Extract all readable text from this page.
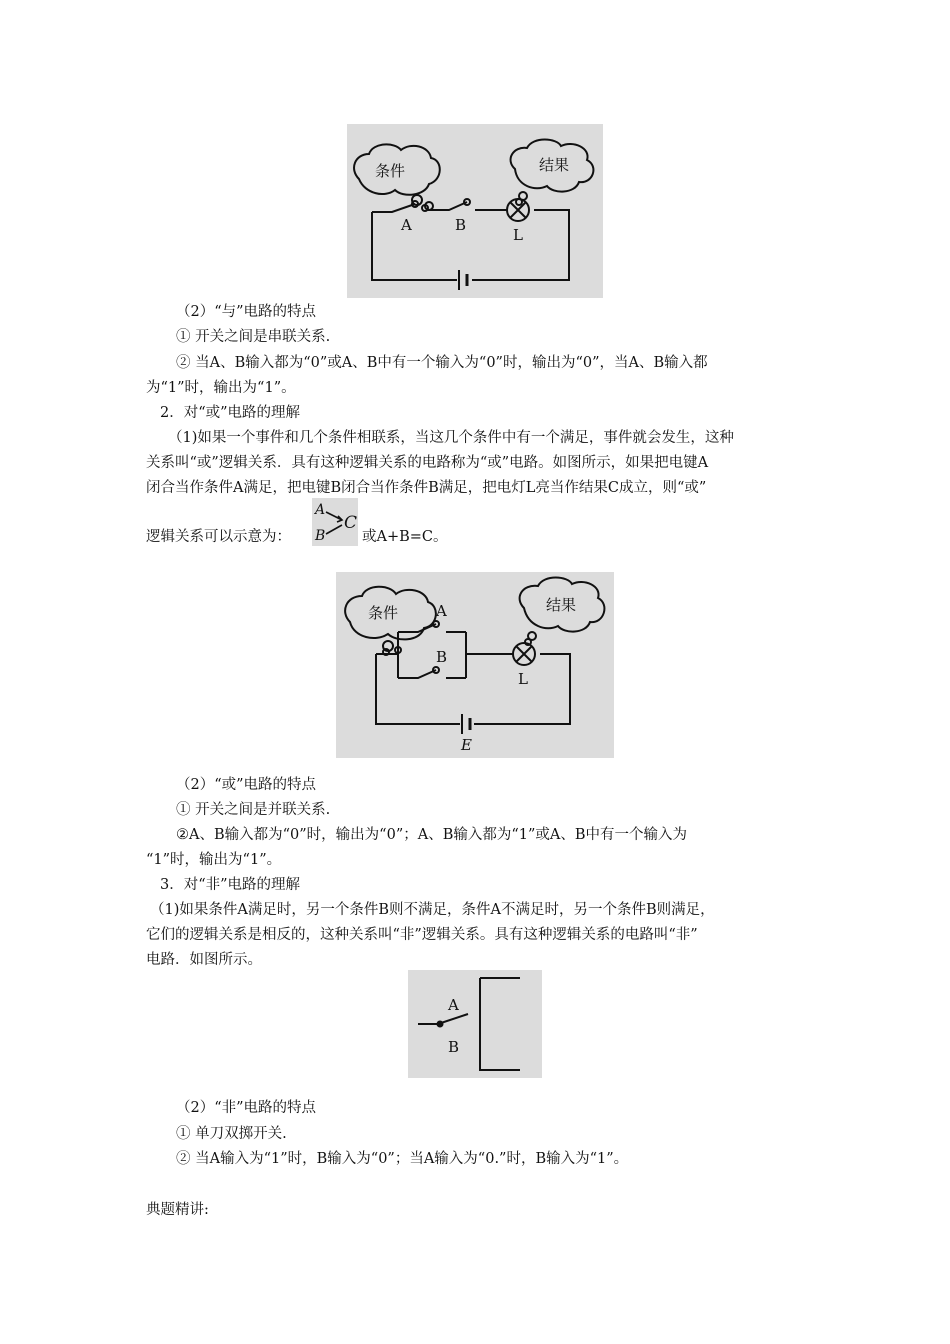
条件	结果
A	B
L
（2）“与”电路的特点
① 开关之间是串联关系.
② 当A、B输入都为“0”或A、B中有一个输入为“0”时，输出为“0”，当A、B输入都
为“1”时，输出为“1”。
2．对“或”电路的理解
（1)如果一个事件和几个条件相联系，当这几个条件中有一个满足，事件就会发生，这种
关系叫“或”逻辑关系．具有这种逻辑关系的电路称为“或”电路。如图所示，如果把电键A
闭合当作条件A满足，把电键B闭合当作条件B满足，把电灯L亮当作结果C成立，则“或”
逻辑关系可以示意为：
A
B
C
或A+B=C。
条件	结果
A
B
L
E
（2）“或”电路的特点
① 开关之间是并联关系.
②A、B输入都为“0”时，输出为“0”；A、B输入都为“1”或A、B中有一个输入为
“1”时，输出为“1”。
3．对“非”电路的理解
（1)如果条件A满足时，另一个条件B则不满足，条件A不满足时，另一个条件B则满足，
它们的逻辑关系是相反的，这种关系叫“非”逻辑关系。具有这种逻辑关系的电路叫“非”
电路．如图所示。
A
B
（2）“非”电路的特点
① 单刀双掷开关.
② 当A输入为“1”时，B输入为“0”；当A输入为“0.”时，B输入为“1”。
典题精讲:
